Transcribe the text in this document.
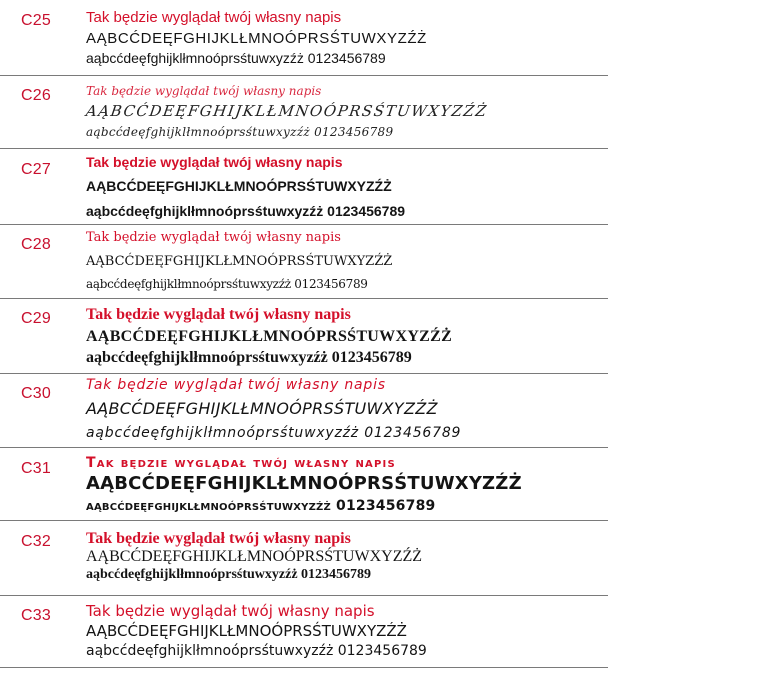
C25 Tak będzie wyglądał twój własny napis
AĄBCĆDEĘFGHIJKLŁMNOÓPRSŚTUWXYZŹŻ
aąbcćdeęfghijklłmnoóprsśtuwxyzźż 0123456789
C26	Tak będzie wyglądał twój własny napis
AĄBCĆDEĘFGHIJKLŁMNOÓPRSŚTUWXYZŹŻ
aąbcćdeęfghijklłmnoóprsśtuwxyzźż 0123456789
C27	Tak będzie wyglądał twój własny napis
AĄBCĆDEĘFGHIJKLŁMNOÓPRSŚTUWXYZŹŻ
aąbcćdeęfghijklłmnoóprsśtuwxyzźż 0123456789
C28	Tak będzie wyglądał twój własny napis
AĄBCĆDEĘFGHIJKLŁMNOÓPRSŚTUWXYZŹŻ
aąbcćdeęfghijklłmnoóprsśtuwxyzźż 0123456789
C29 Tak będzie wyglądał twój własny napis
AĄBCĆDEĘFGHIJKLŁMNOÓPRSŚTUWXYZŹŻ
aąbcćdeęfghijklłmnoóprsśtuwxyzźż 0123456789
C30	Tak będzie wyglądał twój własny napis
AĄBCĆDEĘFGHIJKLŁMNOÓPRSŚTUWXYZŹŻ
aąbcćdeęfghijklłmnoóprsśtuwxyzźż 0123456789
C31	Tak będzie wyglądał twój własny napis
AĄBCĆDEĘFGHIJKLŁMNOÓPRSŚTUWXYZŹŻ
aąbcćdeęfghijklłmnoóprsśtuwxyzźż 0123456789
C32 Tak będzie wyglądał twój własny napis
AĄBCĆDEĘFGHIJKLŁMNOÓPRSŚTUWXYZŹŻ
aąbcćdeęfghijklłmnoóprsśtuwxyzźż 0123456789
C33 Tak będzie wyglądał twój własny napis
AĄBCĆDEĘFGHIJKLŁMNOÓPRSŚTUWXYZŹŻ
aąbcćdeęfghijklłmnoóprsśtuwxyzźż 0123456789
